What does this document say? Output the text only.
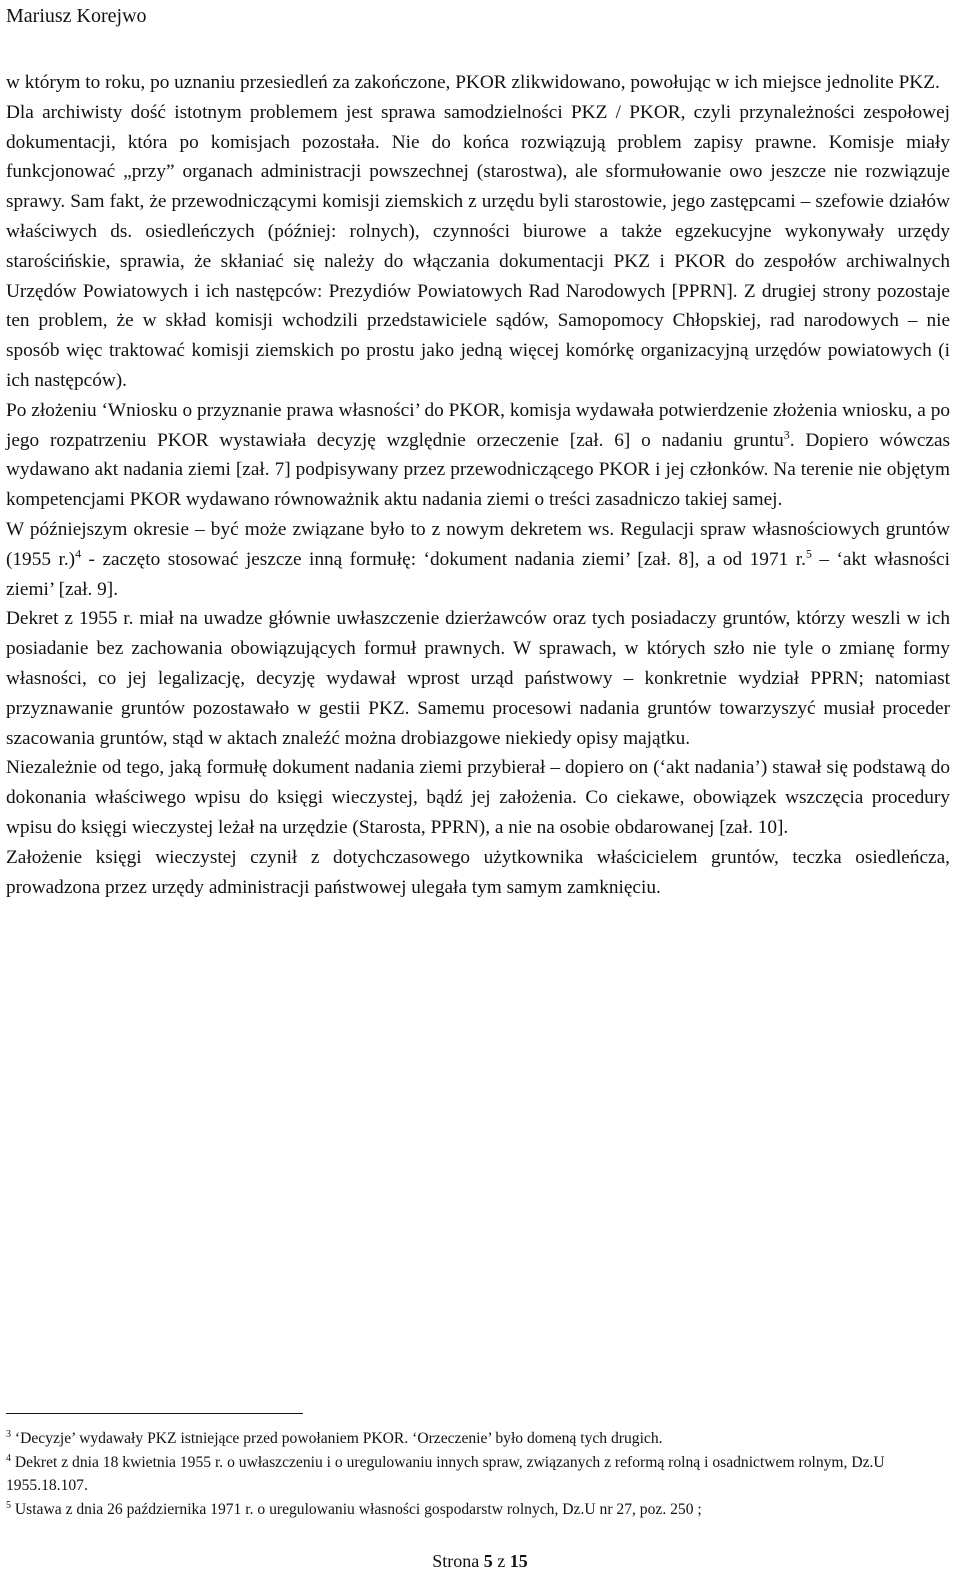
Mariusz Korejwo

w którym to roku, po uznaniu przesiedleń za zakończone, PKOR zlikwidowano, powołując w ich miejsce jednolite PKZ.

Dla archiwisty dość istotnym problemem jest sprawa samodzielności PKZ / PKOR, czyli przynależności zespołowej dokumentacji, która po komisjach pozostała. Nie do końca rozwiązują problem zapisy prawne. Komisje miały funkcjonować „przy” organach administracji powszechnej (starostwa), ale sformułowanie owo jeszcze nie rozwiązuje sprawy. Sam fakt, że przewodniczącymi komisji ziemskich z urzędu byli starostowie, jego zastępcami – szefowie działów właściwych ds. osiedleńczych (później: rolnych), czynności biurowe a także egzekucyjne wykonywały urzędy starościńskie, sprawia, że skłaniać się należy do włączania dokumentacji PKZ i PKOR do zespołów archiwalnych Urzędów Powiatowych i ich następców: Prezydiów Powiatowych Rad Narodowych [PPRN]. Z drugiej strony pozostaje ten problem, że w skład komisji wchodzili przedstawiciele sądów, Samopomocy Chłopskiej, rad narodowych – nie sposób więc traktować komisji ziemskich po prostu jako jedną więcej komórkę organizacyjną urzędów powiatowych (i ich następców).

Po złożeniu ‘Wniosku o przyznanie prawa własności’ do PKOR, komisja wydawała potwierdzenie złożenia wniosku, a po jego rozpatrzeniu PKOR wystawiała decyzję względnie orzeczenie [zał. 6] o nadaniu gruntu$^3$. Dopiero wówczas wydawano akt nadania ziemi [zał. 7] podpisywany przez przewodniczącego PKOR i jej członków. Na terenie nie objętym kompetencjami PKOR wydawano równoważnik aktu nadania ziemi o treści zasadniczo takiej samej.

W późniejszym okresie – być może związane było to z nowym dekretem ws. Regulacji spraw własnościowych gruntów (1955 r.)$^4$ - zaczęto stosować jeszcze inną formułę: ‘dokument nadania ziemi’ [zał. 8], a od 1971 r.$^5$ – ‘akt własności ziemi’ [zał. 9].

Dekret z 1955 r. miał na uwadze głównie uwłaszczenie dzierżawców oraz tych posiadaczy gruntów, którzy weszli w ich posiadanie bez zachowania obowiązujących formuł prawnych. W sprawach, w których szło nie tyle o zmianę formy własności, co jej legalizację, decyzję wydawał wprost urząd państwowy – konkretnie wydział PPRN; natomiast przyznawanie gruntów pozostawało w gestii PKZ. Samemu procesowi nadania gruntów towarzyszyć musiał proceder szacowania gruntów, stąd w aktach znaleźć można drobiazgowe niekiedy opisy majątku.

Niezależnie od tego, jaką formułę dokument nadania ziemi przybierał – dopiero on (‘akt nadania’) stawał się podstawą do dokonania właściwego wpisu do księgi wieczystej, bądź jej założenia. Co ciekawe, obowiązek wszczęcia procedury wpisu do księgi wieczystej leżał na urzędzie (Starosta, PPRN), a nie na osobie obdarowanej [zał. 10].

Założenie księgi wieczystej czynił z dotychczasowego użytkownika właścicielem gruntów, teczka osiedleńcza, prowadzona przez urzędy administracji państwowej ulegała tym samym zamknięciu.

$^3$ ‘Decyzje’ wydawały PKZ istniejące przed powołaniem PKOR. ‘Orzeczenie’ było domeną tych drugich.

$^4$ Dekret z dnia 18 kwietnia 1955 r. o uwłaszczeniu i o uregulowaniu innych spraw, związanych z reformą rolną i osadnictwem rolnym, Dz.U 1955.18.107.

$^5$ Ustawa z dnia 26 października 1971 r. o uregulowaniu własności gospodarstw rolnych, Dz.U nr 27, poz. 250 ;

Strona 5 z 15
